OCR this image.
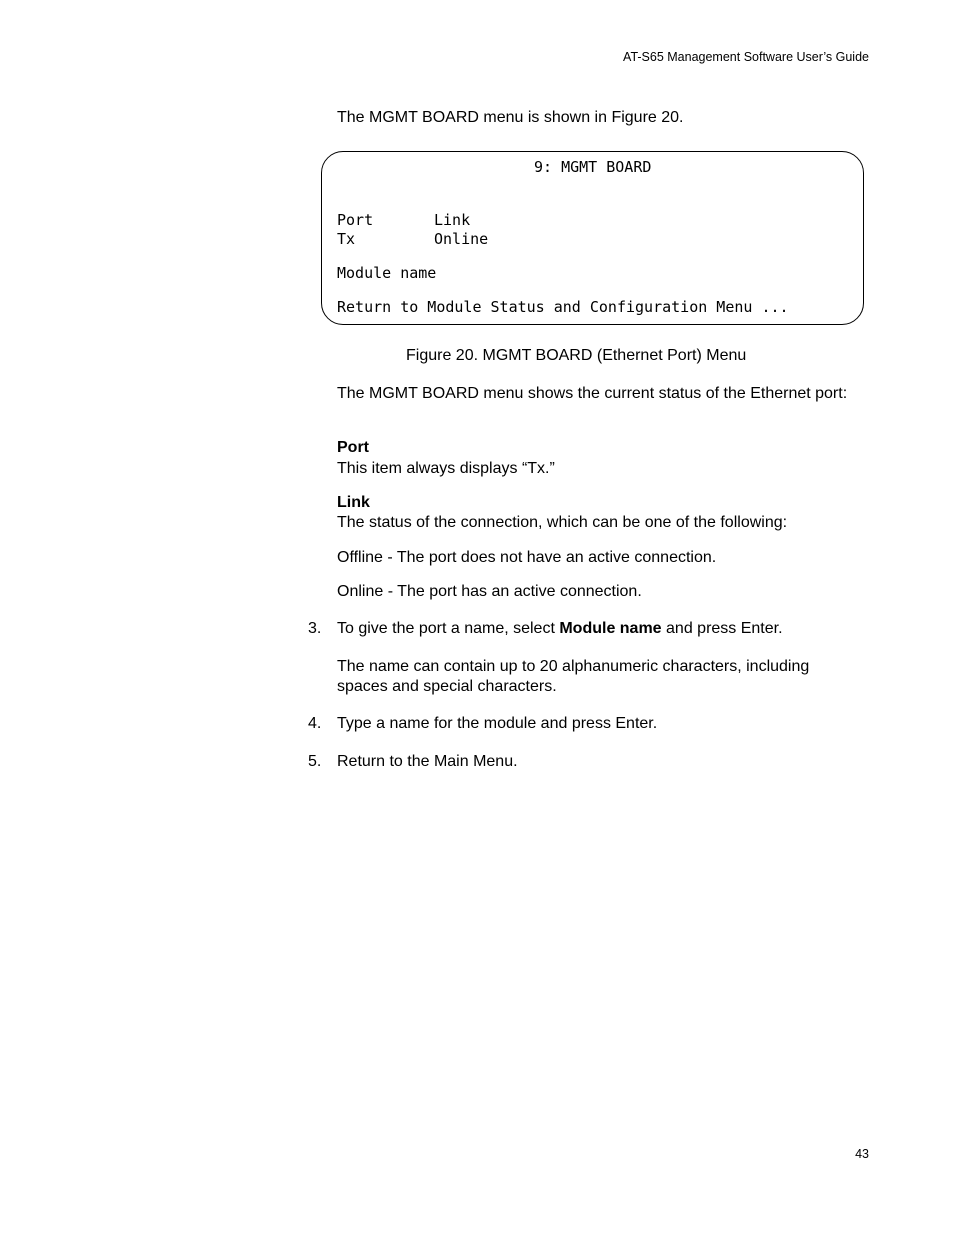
AT-S65 Management Software User’s Guide
The MGMT BOARD menu is shown in Figure 20.
9: MGMT BOARD
Port	Link
Tx	Online
Module name
Return to Module Status and Configuration Menu ...
Figure 20. MGMT BOARD (Ethernet Port) Menu
The MGMT BOARD menu shows the current status of the Ethernet port:
Port
This item always displays “Tx.”
Link
The status of the connection, which can be one of the following:
Offline - The port does not have an active connection.
Online - The port has an active connection.
3. To give the port a name, select Module name and press Enter.
The name can contain up to 20 alphanumeric characters, including spaces and special characters.
4. Type a name for the module and press Enter.
5. Return to the Main Menu.
43
